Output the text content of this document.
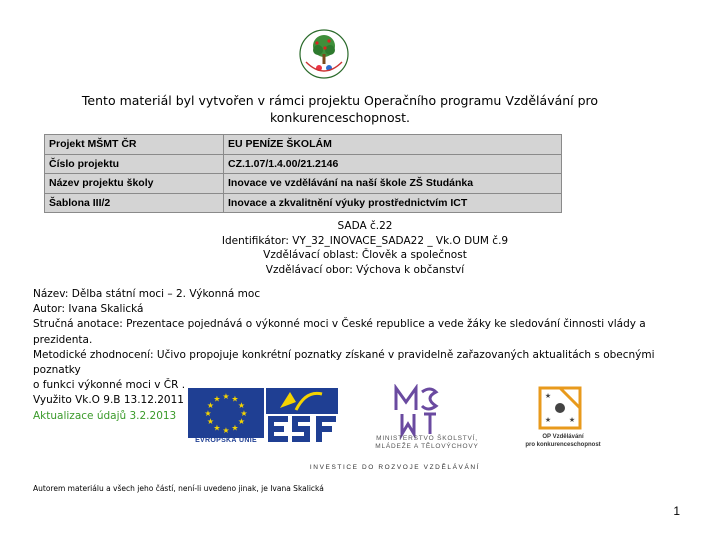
Tento materiál byl vytvořen v rámci projektu Operačního programu Vzdělávání pro konkurenceschopnost.
Projekt MŠMT ČR	EU PENÍZE ŠKOLÁM
Číslo projektu	CZ.1.07/1.4.00/21.2146
Název projektu školy	Inovace ve vzdělávání na naší škole ZŠ Studánka
Šablona III/2	Inovace a zkvalitnění výuky prostřednictvím ICT
SADA č.22
Identifikátor: VY_32_INOVACE_SADA22 _ Vk.O DUM č.9
Vzdělávací oblast: Člověk a společnost
Vzdělávací obor: Výchova k občanství
Název: Dělba státní moci – 2. Výkonná moc
Autor: Ivana Skalická
Stručná anotace: Prezentace pojednává o výkonné moci v České republice a vede žáky ke sledování činnosti vlády a prezidenta.
Metodické zhodnocení: Učivo propojuje konkrétní poznatky získané v pravidelně zařazovaných aktualitách s obecnými poznatky
o funkci výkonné moci v ČR .
Využito Vk.O 9.B 13.12.2011
Aktualizace údajů 3.2.2013
★ ★
★
★
★
★
★
★
★
★
★
★
EVROPSKÁ UNIE	MINISTERSTVO ŠKOLSTVÍ,
MLÁDEŽE A TĚLOVÝCHOVY
★
★	★
OP Vzdělávání
pro konkurenceschopnost
INVESTICE DO ROZVOJE VZDĚLÁVÁNÍ
Autorem materiálu a všech jeho částí, není-li uvedeno jinak, je Ivana Skalická
1
